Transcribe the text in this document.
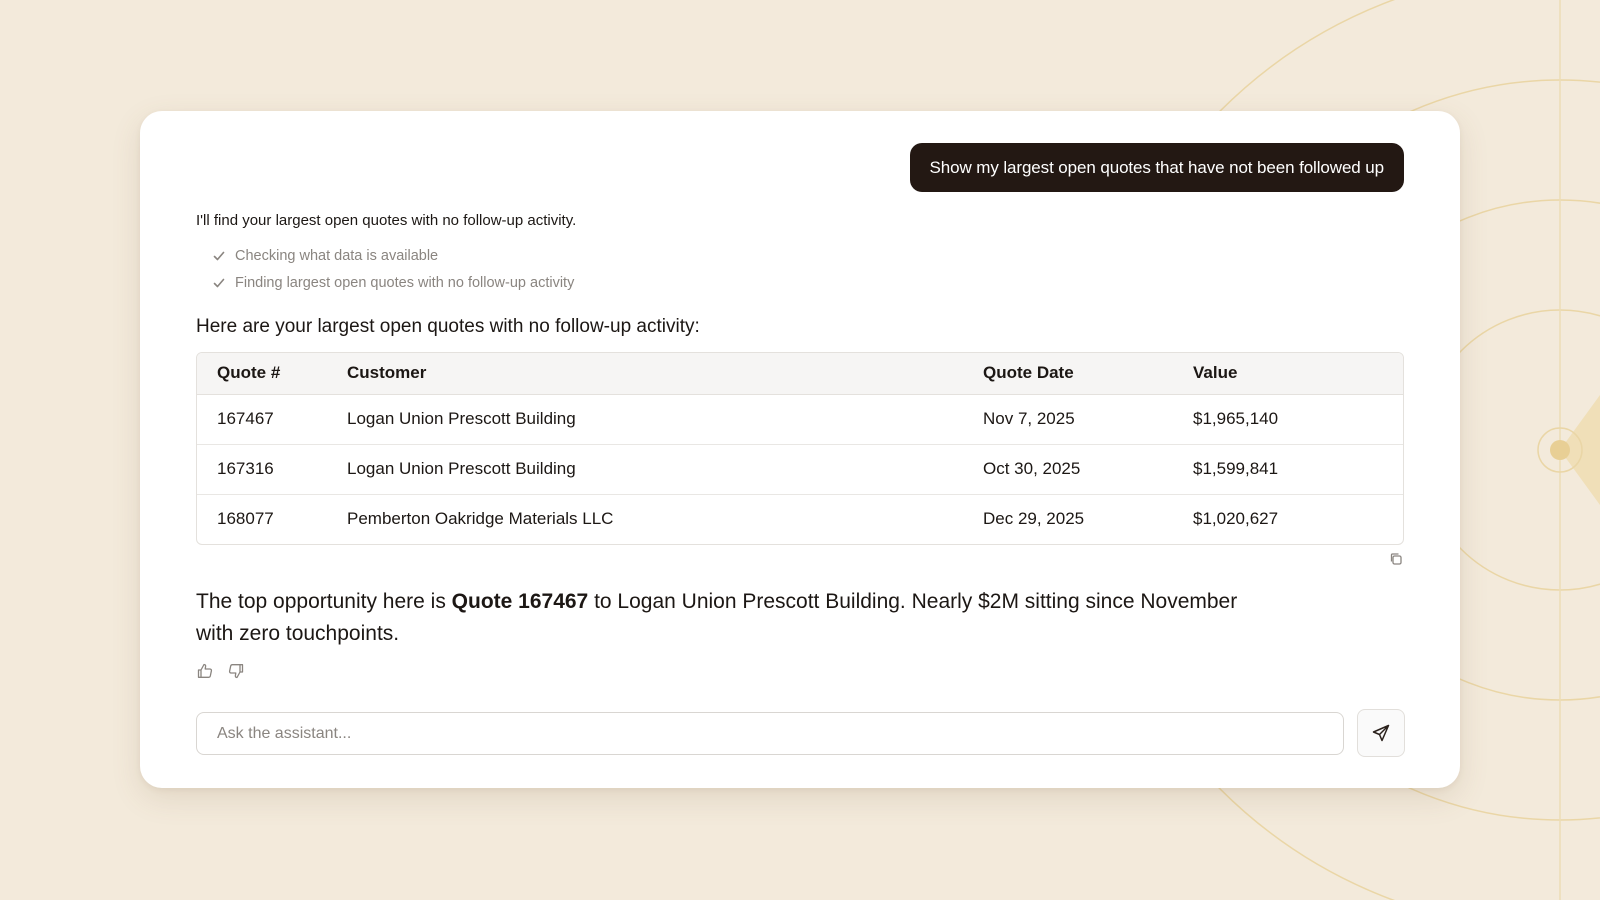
Show my largest open quotes that have not been followed up
I'll find your largest open quotes with no follow-up activity.
Checking what data is available
Finding largest open quotes with no follow-up activity
Here are your largest open quotes with no follow-up activity:
Quote #	Customer	Quote Date	Value
167467	Logan Union Prescott Building	Nov 7, 2025	$1,965,140
167316	Logan Union Prescott Building	Oct 30, 2025	$1,599,841
168077	Pemberton Oakridge Materials LLC	Dec 29, 2025	$1,020,627
The top opportunity here is Quote 167467 to Logan Union Prescott Building. Nearly $2M sitting since November with zero touchpoints.
Ask the assistant...
